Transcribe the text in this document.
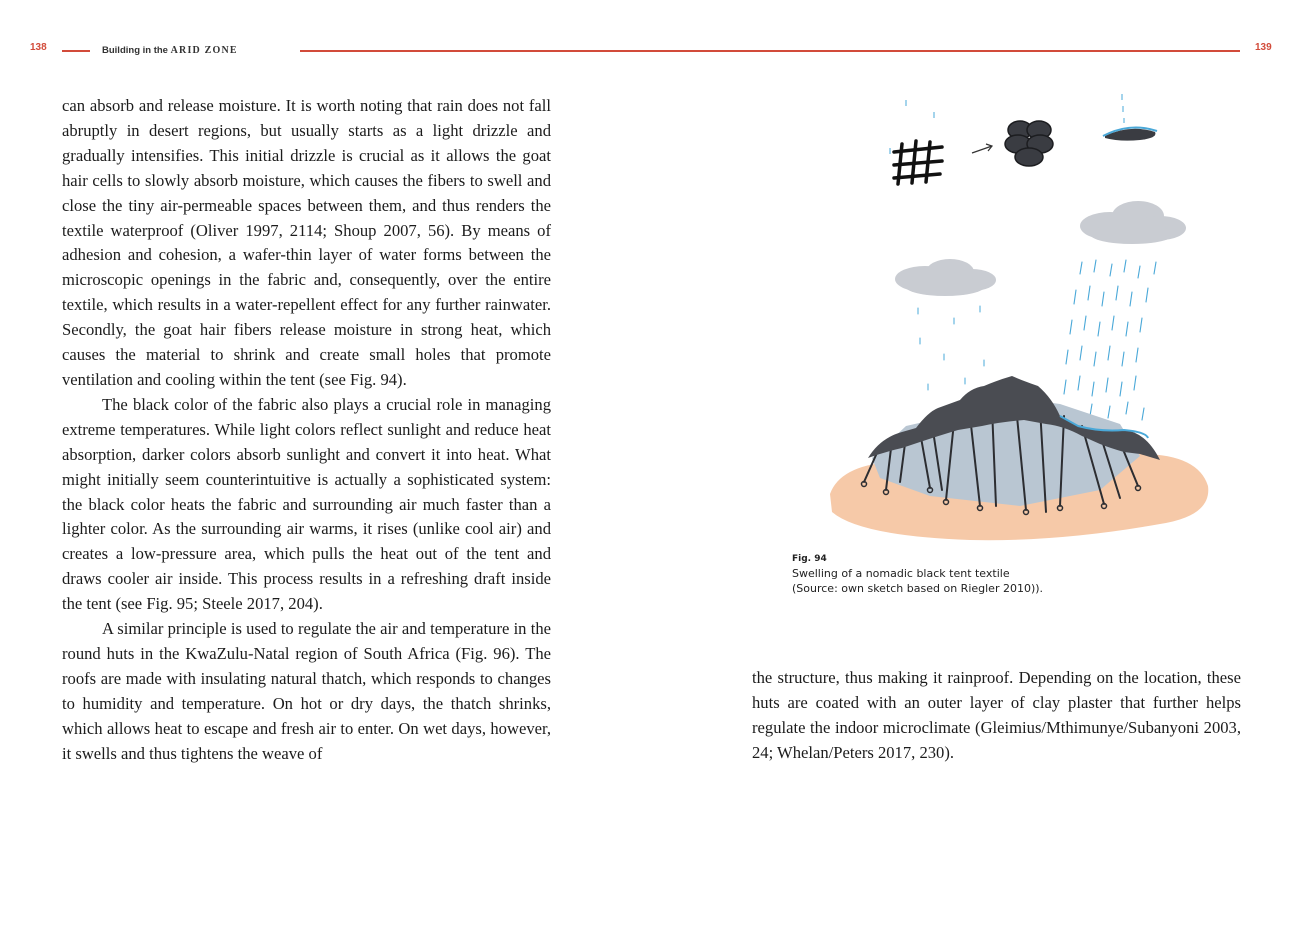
138	Building in the ARID ZONE	139

can absorb and release moisture. It is worth noting that rain does not fall abruptly in desert regions, but usually starts as a light drizzle and gradually intensifies. This initial drizzle is crucial as it allows the goat hair cells to slowly absorb moisture, which causes the fibers to swell and close the tiny air-permeable spaces between them, and thus renders the textile waterproof (Oliver 1997, 2114; Shoup 2007, 56). By means of adhesion and cohesion, a wafer-thin layer of water forms between the microscopic openings in the fabric and, consequently, over the entire textile, which results in a water-repellent effect for any further rainwater. Secondly, the goat hair fibers release moisture in strong heat, which causes the material to shrink and create small holes that promote ventilation and cooling within the tent (see Fig. 94).

The black color of the fabric also plays a crucial role in managing extreme temperatures. While light colors reflect sunlight and reduce heat absorption, darker colors absorb sunlight and convert it into heat. What might initially seem counterintuitive is actually a sophisticated system: the black color heats the fabric and surrounding air much faster than a lighter color. As the surrounding air warms, it rises (unlike cool air) and creates a low-pressure area, which pulls the heat out of the tent and draws cooler air inside. This process results in a refreshing draft inside the tent (see Fig. 95; Steele 2017, 204).

A similar principle is used to regulate the air and temperature in the round huts in the KwaZulu-Natal region of South Africa (Fig. 96). The roofs are made with insulating natural thatch, which responds to changes to humidity and temperature. On hot or dry days, the thatch shrinks, which allows heat to escape and fresh air to enter. On wet days, however, it swells and thus tightens the weave of

Fig. 94
Swelling of a nomadic black tent textile
(Source: own sketch based on Riegler 2010)).

the structure, thus making it rainproof. Depending on the location, these huts are coated with an outer layer of clay plaster that further helps regulate the indoor microclimate (Gleimius/Mthimunye/Subanyoni 2003, 24; Whelan/Peters 2017, 230).
